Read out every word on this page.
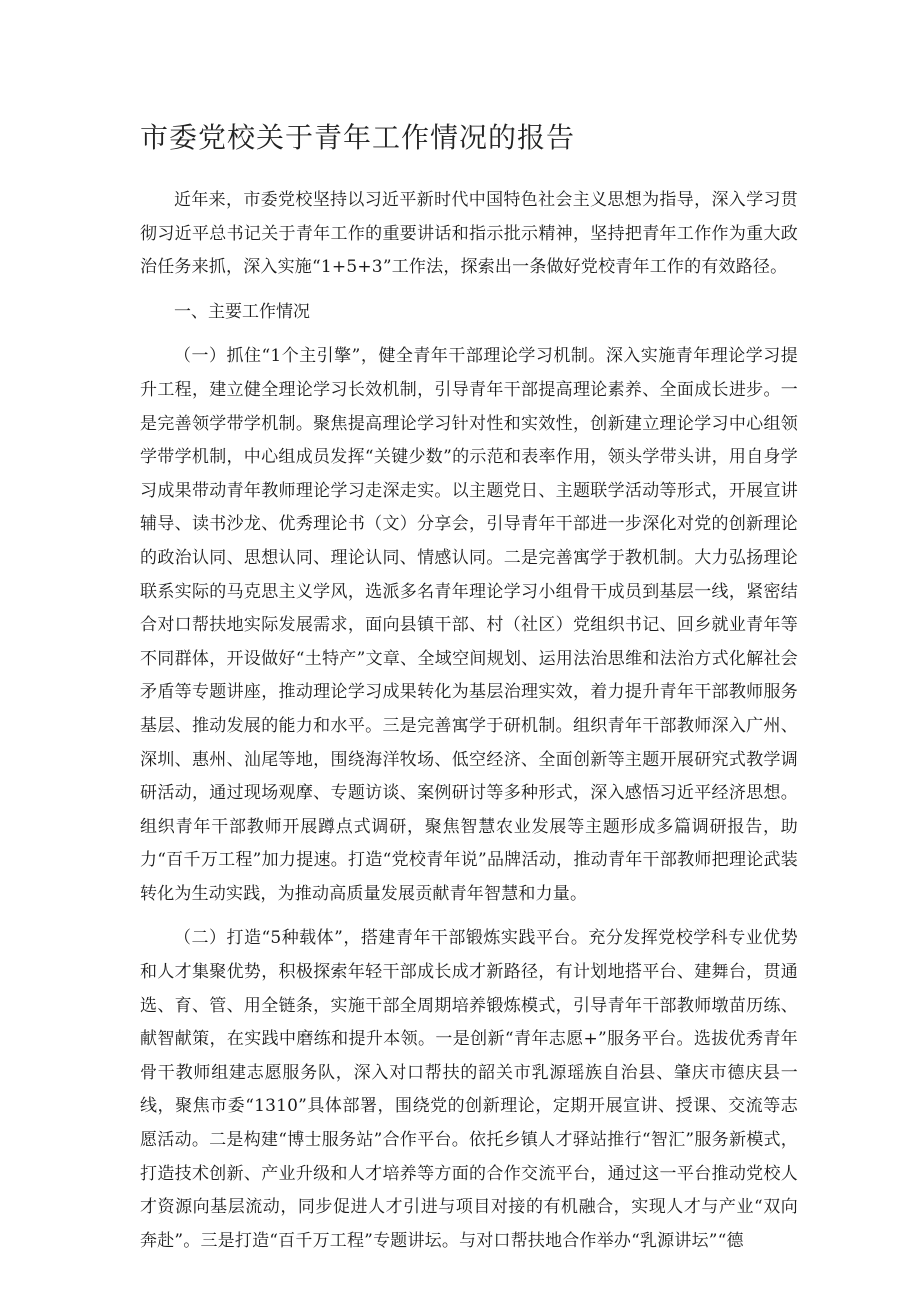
市委党校关于青年工作情况的报告

近年来，市委党校坚持以习近平新时代中国特色社会主义思想为指导，深入学习贯彻习近平总书记关于青年工作的重要讲话和指示批示精神，坚持把青年工作作为重大政治任务来抓，深入实施“1+5+3”工作法，探索出一条做好党校青年工作的有效路径。

一、主要工作情况

（一）抓住“1个主引擎”，健全青年干部理论学习机制。深入实施青年理论学习提升工程，建立健全理论学习长效机制，引导青年干部提高理论素养、全面成长进步。一是完善领学带学机制。聚焦提高理论学习针对性和实效性，创新建立理论学习中心组领学带学机制，中心组成员发挥“关键少数”的示范和表率作用，领头学带头讲，用自身学习成果带动青年教师理论学习走深走实。以主题党日、主题联学活动等形式，开展宣讲辅导、读书沙龙、优秀理论书（文）分享会，引导青年干部进一步深化对党的创新理论的政治认同、思想认同、理论认同、情感认同。二是完善寓学于教机制。大力弘扬理论联系实际的马克思主义学风，选派多名青年理论学习小组骨干成员到基层一线，紧密结合对口帮扶地实际发展需求，面向县镇干部、村（社区）党组织书记、回乡就业青年等不同群体，开设做好“土特产”文章、全域空间规划、运用法治思维和法治方式化解社会矛盾等专题讲座，推动理论学习成果转化为基层治理实效，着力提升青年干部教师服务基层、推动发展的能力和水平。三是完善寓学于研机制。组织青年干部教师深入广州、深圳、惠州、汕尾等地，围绕海洋牧场、低空经济、全面创新等主题开展研究式教学调研活动，通过现场观摩、专题访谈、案例研讨等多种形式，深入感悟习近平经济思想。组织青年干部教师开展蹲点式调研，聚焦智慧农业发展等主题形成多篇调研报告，助力“百千万工程”加力提速。打造“党校青年说”品牌活动，推动青年干部教师把理论武装转化为生动实践，为推动高质量发展贡献青年智慧和力量。

（二）打造“5种载体”，搭建青年干部锻炼实践平台。充分发挥党校学科专业优势和人才集聚优势，积极探索年轻干部成长成才新路径，有计划地搭平台、建舞台，贯通选、育、管、用全链条，实施干部全周期培养锻炼模式，引导青年干部教师墩苗历练、献智献策，在实践中磨练和提升本领。一是创新“青年志愿+”服务平台。选拔优秀青年骨干教师组建志愿服务队，深入对口帮扶的韶关市乳源瑶族自治县、肇庆市德庆县一线，聚焦市委“1310”具体部署，围绕党的创新理论，定期开展宣讲、授课、交流等志愿活动。二是构建“博士服务站”合作平台。依托乡镇人才驿站推行“智汇”服务新模式，打造技术创新、产业升级和人才培养等方面的合作交流平台，通过这一平台推动党校人才资源向基层流动，同步促进人才引进与项目对接的有机融合，实现人才与产业“双向奔赴”。三是打造“百千万工程”专题讲坛。与对口帮扶地合作举办“乳源讲坛”“德
